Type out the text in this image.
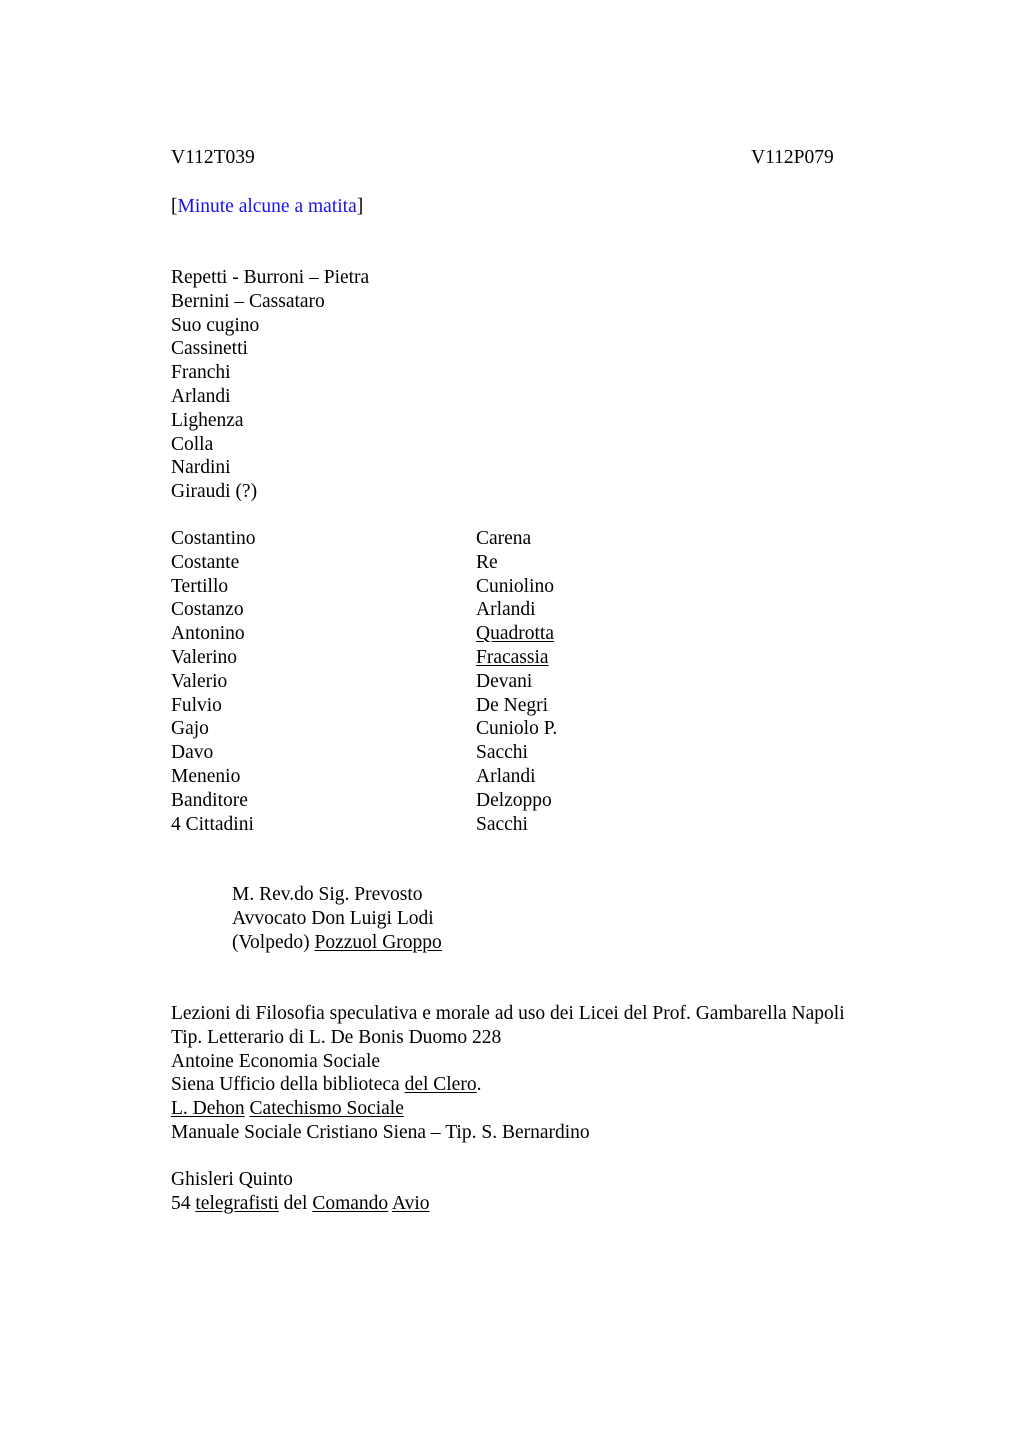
V112T039	V112P079
[Minute alcune a matita]
Repetti - Burroni – Pietra
Bernini – Cassataro
Suo cugino
Cassinetti
Franchi
Arlandi
Lighenza
Colla
Nardini
Giraudi (?)
Costantino	Carena
Costante	Re
Tertillo	Cuniolino
Costanzo	Arlandi
Antonino	Quadrotta
Valerino	Fracassia
Valerio	Devani
Fulvio	De Negri
Gajo	Cuniolo P.
Davo	Sacchi
Menenio	Arlandi
Banditore	Delzoppo
4 Cittadini	Sacchi
M. Rev.do Sig. Prevosto
Avvocato Don Luigi Lodi
(Volpedo) Pozzuol Groppo
Lezioni di Filosofia speculativa e morale ad uso dei Licei del Prof. Gambarella Napoli
Tip. Letterario di L. De Bonis Duomo 228
Antoine Economia Sociale
Siena Ufficio della biblioteca del Clero.
L. Dehon Catechismo Sociale
Manuale Sociale Cristiano Siena – Tip. S. Bernardino
Ghisleri Quinto
54 telegrafisti del Comando Avio
